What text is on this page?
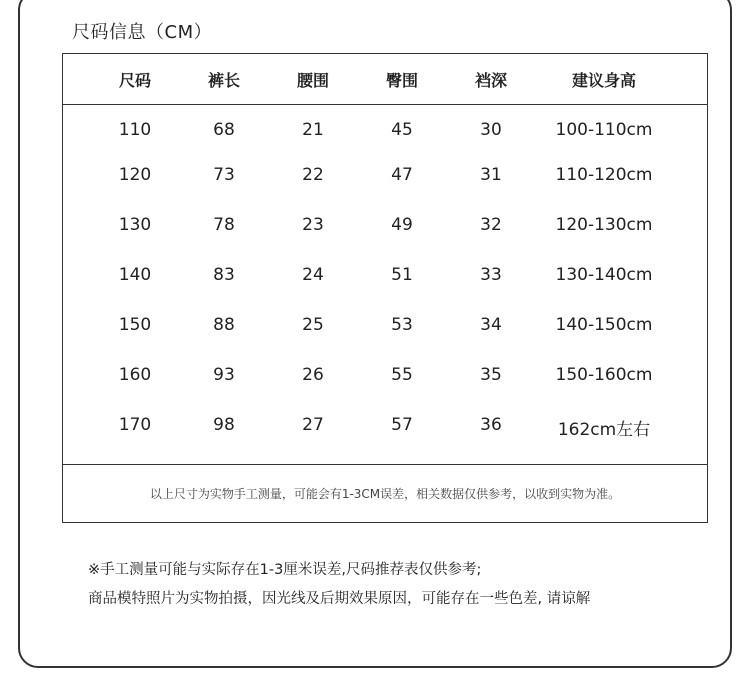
尺码信息（CM）
尺码	裤长	腰围	臀围	裆深	建议身高
110	68	21	45	30	100-110cm
120	73	22	47	31	110-120cm
130	78	23	49	32	120-130cm
140	83	24	51	33	130-140cm
150	88	25	53	34	140-150cm
160	93	26	55	35	150-160cm
170	98	27	57	36	162cm左右
以上尺寸为实物手工测量，可能会有1-3CM误差，相关数据仅供参考，以收到实物为准。
※手工测量可能与实际存在1-3厘米误差,尺码推荐表仅供参考;
商品模特照片为实物拍摄，因光线及后期效果原因，可能存在一些色差, 请谅解
